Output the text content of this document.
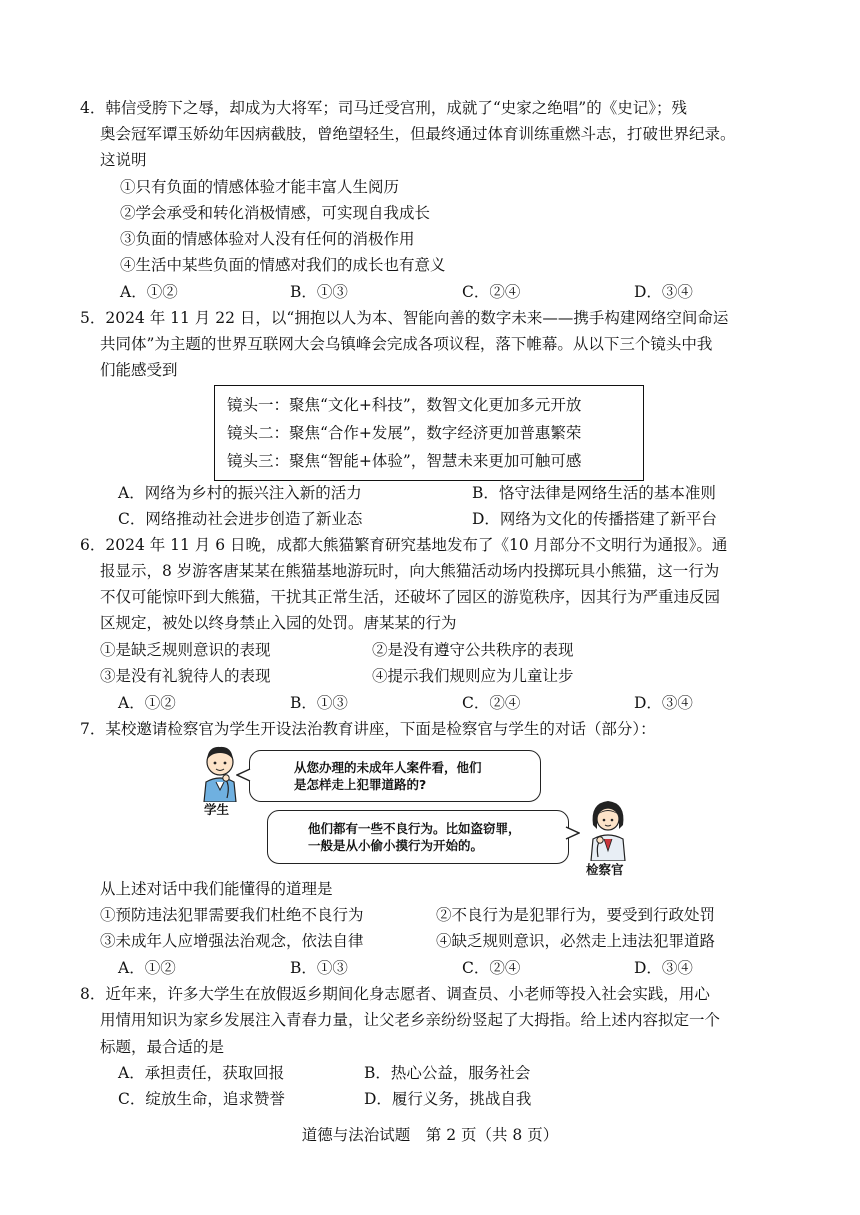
4．韩信受胯下之辱，却成为大将军；司马迁受宫刑，成就了“史家之绝唱”的《史记》；残
奥会冠军谭玉娇幼年因病截肢，曾绝望轻生，但最终通过体育训练重燃斗志，打破世界纪录。
这说明
①只有负面的情感体验才能丰富人生阅历
②学会承受和转化消极情感，可实现自我成长
③负面的情感体验对人没有任何的消极作用
④生活中某些负面的情感对我们的成长也有意义
A．①②	B．①③	C．②④	D．③④
5．2024 年 11 月 22 日，以“拥抱以人为本、智能向善的数字未来——携手构建网络空间命运
共同体”为主题的世界互联网大会乌镇峰会完成各项议程，落下帷幕。从以下三个镜头中我
们能感受到
镜头一：聚焦“文化+科技”，数智文化更加多元开放
镜头二：聚焦“合作+发展”，数字经济更加普惠繁荣
镜头三：聚焦“智能+体验”，智慧未来更加可触可感
A．网络为乡村的振兴注入新的活力	B．恪守法律是网络生活的基本准则
C．网络推动社会进步创造了新业态	D．网络为文化的传播搭建了新平台
6．2024 年 11 月 6 日晚，成都大熊猫繁育研究基地发布了《10 月部分不文明行为通报》。通
报显示，8 岁游客唐某某在熊猫基地游玩时，向大熊猫活动场内投掷玩具小熊猫，这一行为
不仅可能惊吓到大熊猫，干扰其正常生活，还破坏了园区的游览秩序，因其行为严重违反园
区规定，被处以终身禁止入园的处罚。唐某某的行为
①是缺乏规则意识的表现	②是没有遵守公共秩序的表现
③是没有礼貌待人的表现	④提示我们规则应为儿童让步
A．①②	B．①③	C．②④	D．③④
7．某校邀请检察官为学生开设法治教育讲座，下面是检察官与学生的对话（部分）：
学生
从您办理的未成年人案件看，他们
是怎样走上犯罪道路的?
他们都有一些不良行为。比如盗窃罪，
一般是从小偷小摸行为开始的。
检察官
从上述对话中我们能懂得的道理是
①预防违法犯罪需要我们杜绝不良行为	②不良行为是犯罪行为，要受到行政处罚
③未成年人应增强法治观念，依法自律	④缺乏规则意识，必然走上违法犯罪道路
A．①②	B．①③	C．②④	D．③④
8．近年来，许多大学生在放假返乡期间化身志愿者、调查员、小老师等投入社会实践，用心
用情用知识为家乡发展注入青春力量，让父老乡亲纷纷竖起了大拇指。给上述内容拟定一个
标题，最合适的是
A．承担责任，获取回报	B．热心公益，服务社会
C．绽放生命，追求赞誉	D．履行义务，挑战自我
道德与法治试题　第 2 页（共 8 页）
